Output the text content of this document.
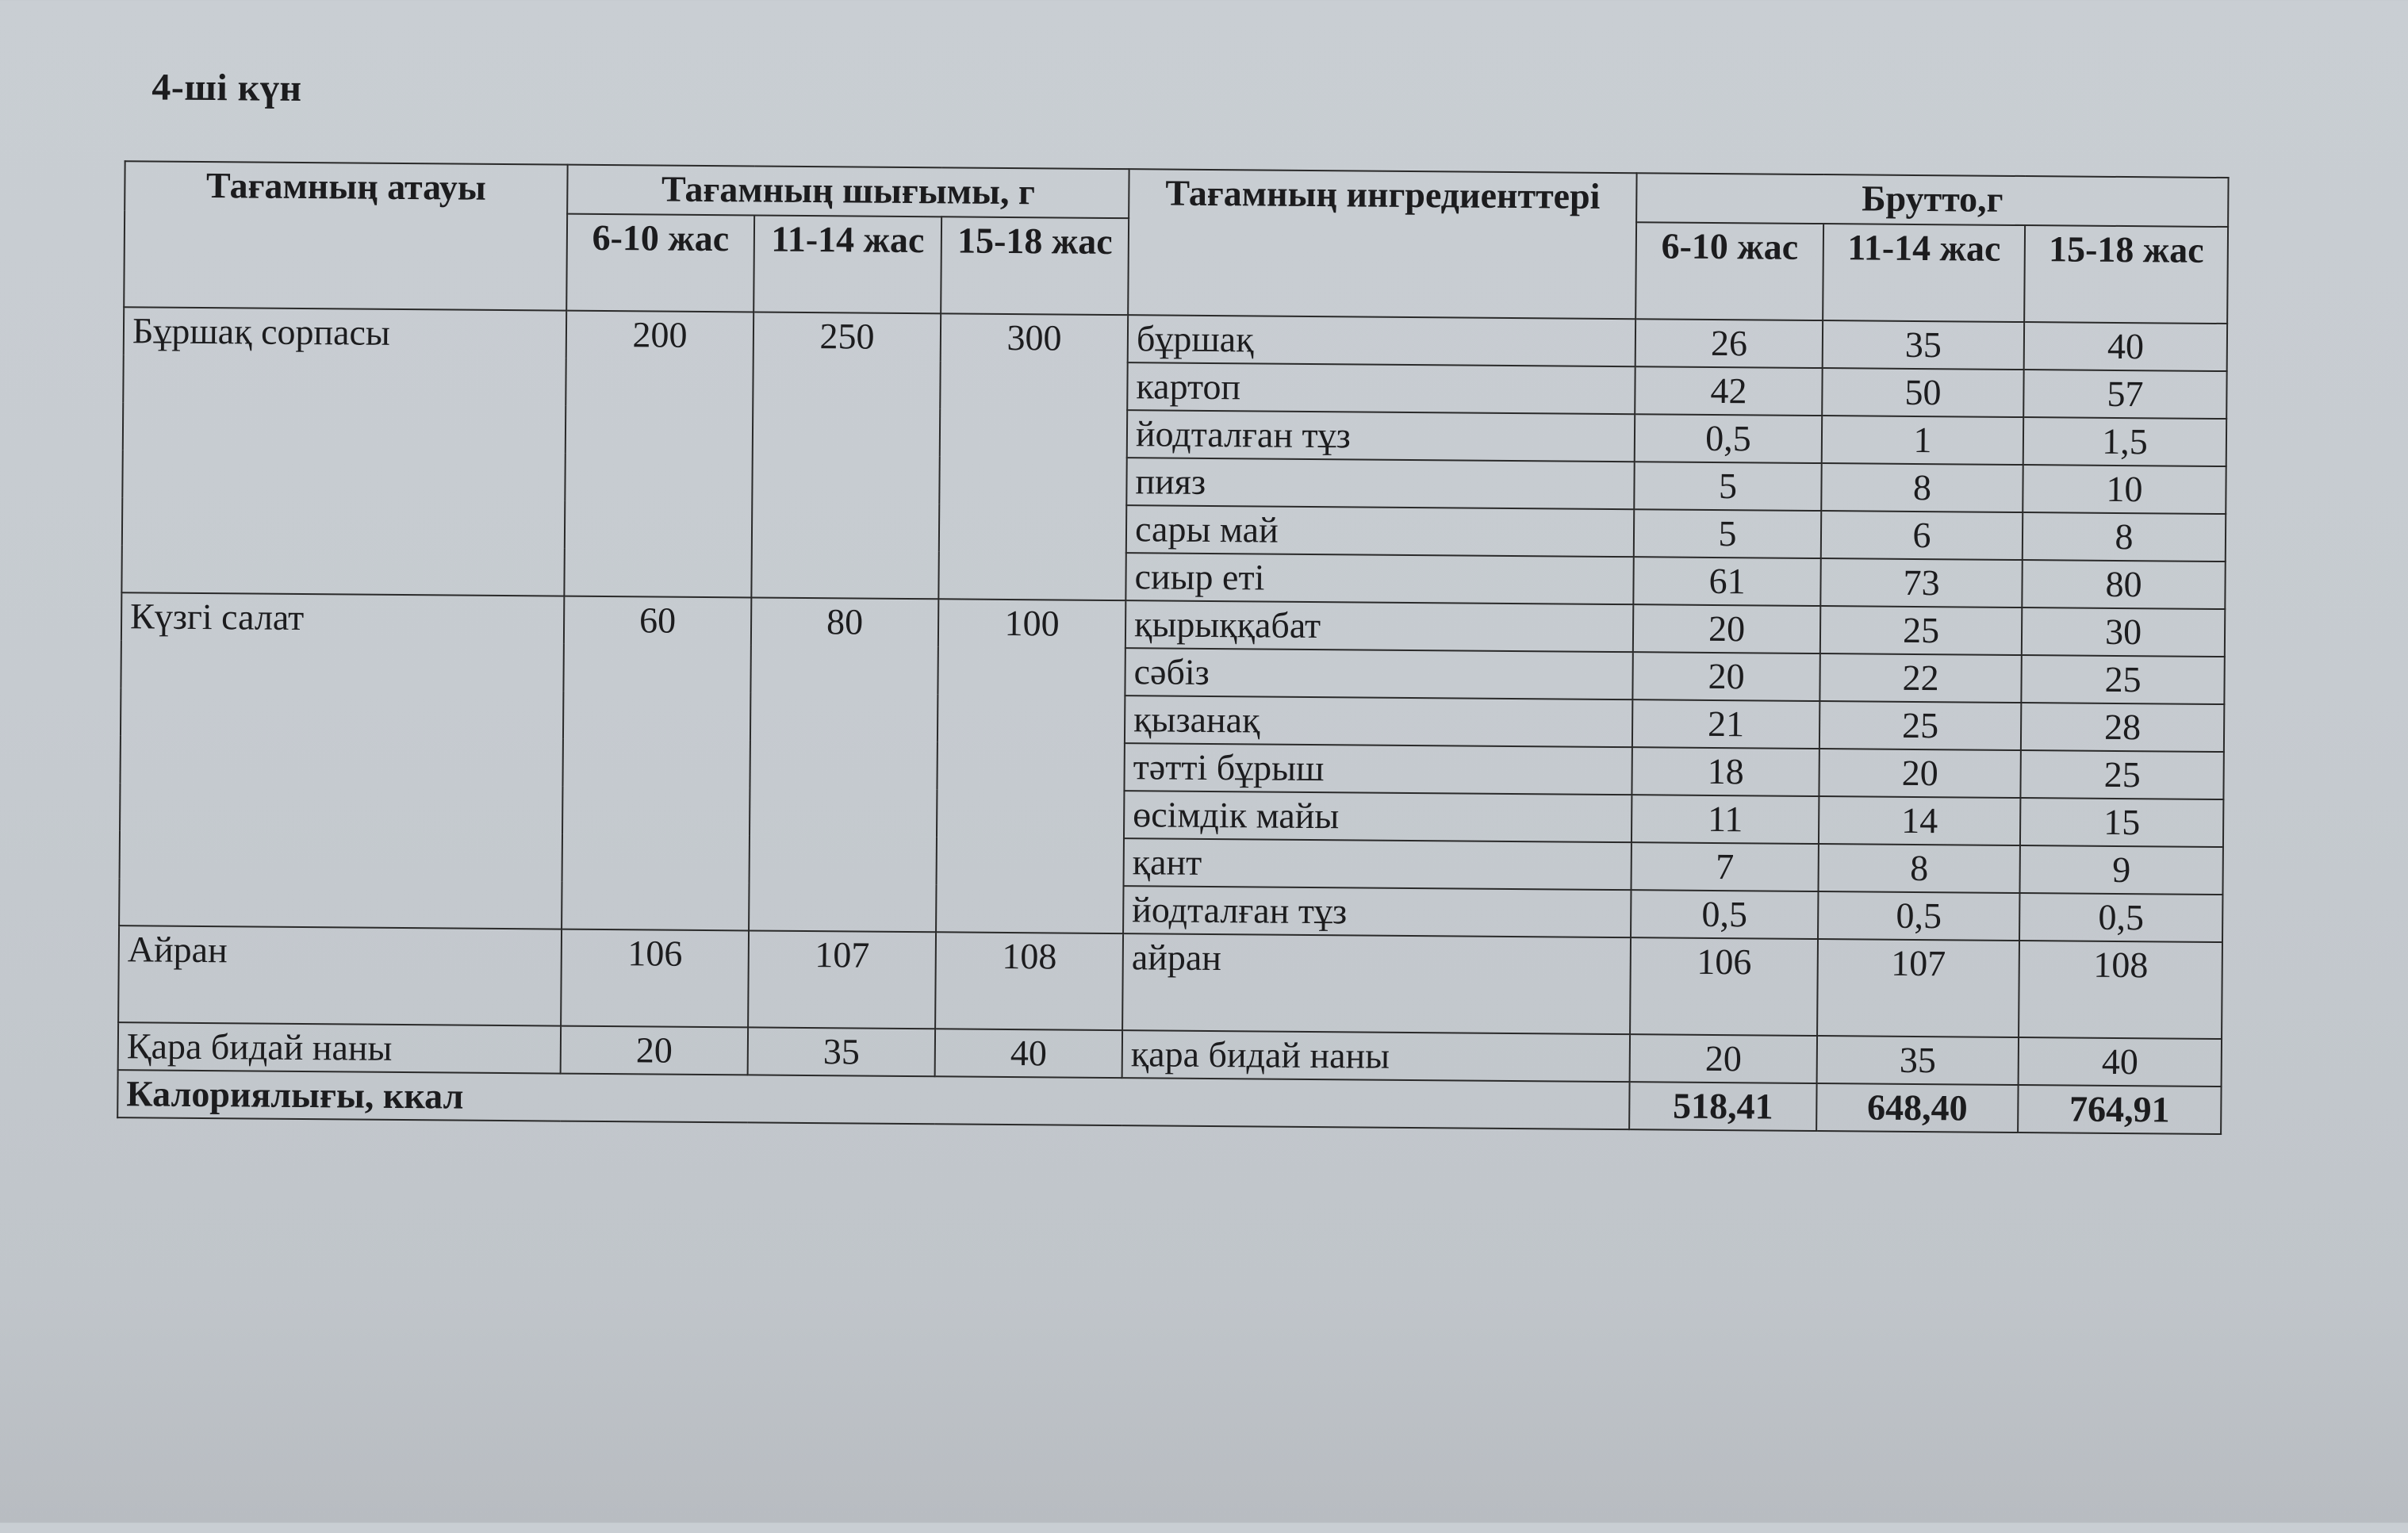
4-ші күн
Тағамның атауы	Тағамның шығымы, г			Тағамның ингредиенттері	Брутто,г		
	6-10 жас	11-14 жас	15-18 жас		6-10 жас	11-14 жас	15-18 жас
Бұршақ сорпасы	200	250	300	бұршақ	26	35	40
				картоп	42	50	57
				йодталған тұз	0,5	1	1,5
				пияз	5	8	10
				сары май	5	6	8
				сиыр еті	61	73	80
Күзгі салат	60	80	100	қырыққабат	20	25	30
				сәбіз	20	22	25
				қызанақ	21	25	28
				тәтті бұрыш	18	20	25
				өсімдік майы	11	14	15
				қант	7	8	9
				йодталған тұз	0,5	0,5	0,5
Айран	106	107	108	айран	106	107	108
Қара бидай наны	20	35	40	қара бидай наны	20	35	40
Калориялығы, ккал					518,41	648,40	764,91
